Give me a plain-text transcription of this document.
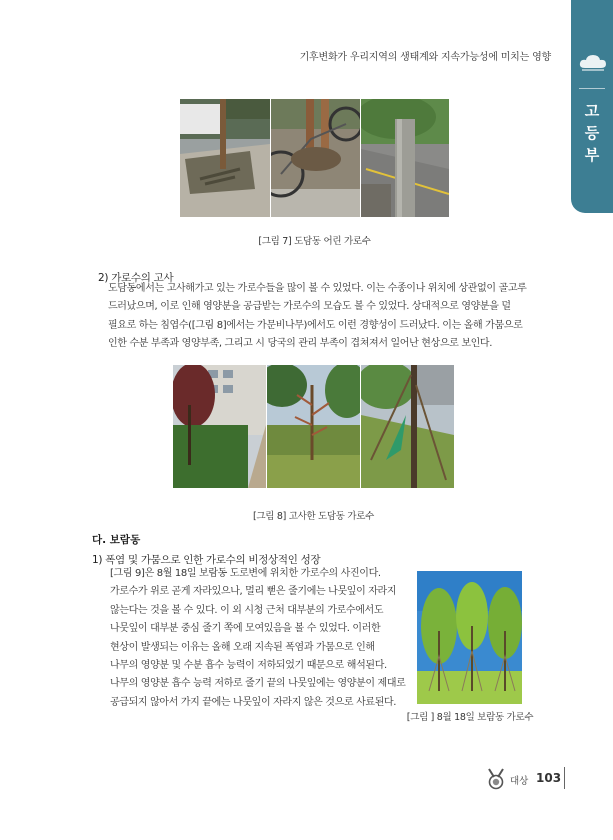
기후변화가 우리지역의 생태계와 지속가능성에 미치는 영향
고
등
부
[그림 7] 도담동 어린 가로수
2) 가로수의 고사
도담동에서는 고사해가고 있는 가로수들을 많이 볼 수 있었다. 이는 수종이나 위치에 상관없이 골고루
드러났으며, 이로 인해 영양분을 공급받는 가로수의 모습도 볼 수 있었다. 상대적으로 영양분을 덜
필요로 하는 침엽수([그림 8]에서는 가문비나무)에서도 이런 경향성이 드러났다. 이는 올해 가뭄으로
인한 수분 부족과 영양부족, 그리고 시 당국의 관리 부족이 겹쳐져서 일어난 현상으로 보인다.
[그림 8] 고사한 도담동 가로수
다. 보람동
1) 폭염 및 가뭄으로 인한 가로수의 비정상적인 성장
[그림 9]은 8월 18일 보람동 도로변에 위치한 가로수의 사진이다.
가로수가 위로 곧게 자라있으나, 멀리 뻗은 줄기에는 나뭇잎이 자라지
않는다는 것을 볼 수 있다. 이 외 시청 근처 대부분의 가로수에서도
나뭇잎이 대부분 중심 줄기 쪽에 모여있음을 볼 수 있었다. 이러한
현상이 발생되는 이유는 올해 오래 지속된 폭염과 가뭄으로 인해
나무의 영양분 및 수분 흡수 능력이 저하되었기 때문으로 해석된다.
나무의 영양분 흡수 능력 저하로 줄기 끝의 나뭇잎에는 영양분이 제대로
공급되지 않아서 가지 끝에는 나뭇잎이 자라지 않은 것으로 사료된다.
[그림 ] 8월 18일 보람동 가로수
대상 103
